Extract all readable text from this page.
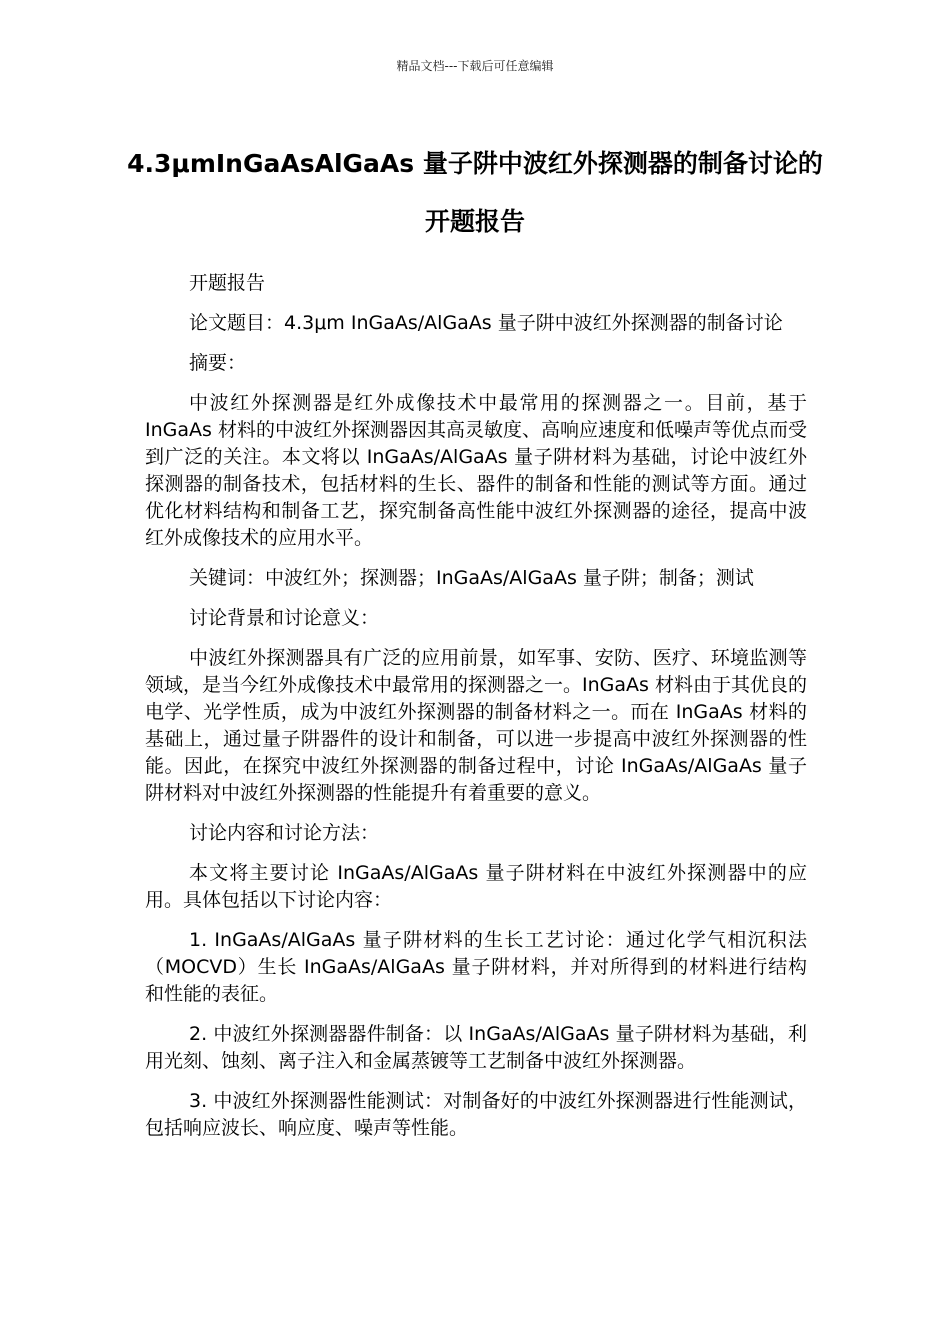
精品文档---下载后可任意编辑
4.3μmInGaAsAlGaAs 量子阱中波红外探测器的制备讨论的开题报告

开题报告

论文题目：4.3μm InGaAs/AlGaAs 量子阱中波红外探测器的制备讨论

摘要：

中波红外探测器是红外成像技术中最常用的探测器之一。目前，基于 InGaAs 材料的中波红外探测器因其高灵敏度、高响应速度和低噪声等优点而受到广泛的关注。本文将以 InGaAs/AlGaAs 量子阱材料为基础，讨论中波红外探测器的制备技术，包括材料的生长、器件的制备和性能的测试等方面。通过优化材料结构和制备工艺，探究制备高性能中波红外探测器的途径，提高中波红外成像技术的应用水平。

关键词：中波红外；探测器；InGaAs/AlGaAs 量子阱；制备；测试

讨论背景和讨论意义：

中波红外探测器具有广泛的应用前景，如军事、安防、医疗、环境监测等领域，是当今红外成像技术中最常用的探测器之一。InGaAs 材料由于其优良的电学、光学性质，成为中波红外探测器的制备材料之一。而在 InGaAs 材料的基础上，通过量子阱器件的设计和制备，可以进一步提高中波红外探测器的性能。因此，在探究中波红外探测器的制备过程中，讨论 InGaAs/AlGaAs 量子阱材料对中波红外探测器的性能提升有着重要的意义。

讨论内容和讨论方法：

本文将主要讨论 InGaAs/AlGaAs 量子阱材料在中波红外探测器中的应用。具体包括以下讨论内容：

1. InGaAs/AlGaAs 量子阱材料的生长工艺讨论：通过化学气相沉积法（MOCVD）生长 InGaAs/AlGaAs 量子阱材料，并对所得到的材料进行结构和性能的表征。

2. 中波红外探测器器件制备：以 InGaAs/AlGaAs 量子阱材料为基础，利用光刻、蚀刻、离子注入和金属蒸镀等工艺制备中波红外探测器。

3. 中波红外探测器性能测试：对制备好的中波红外探测器进行性能测试，包括响应波长、响应度、噪声等性能。
